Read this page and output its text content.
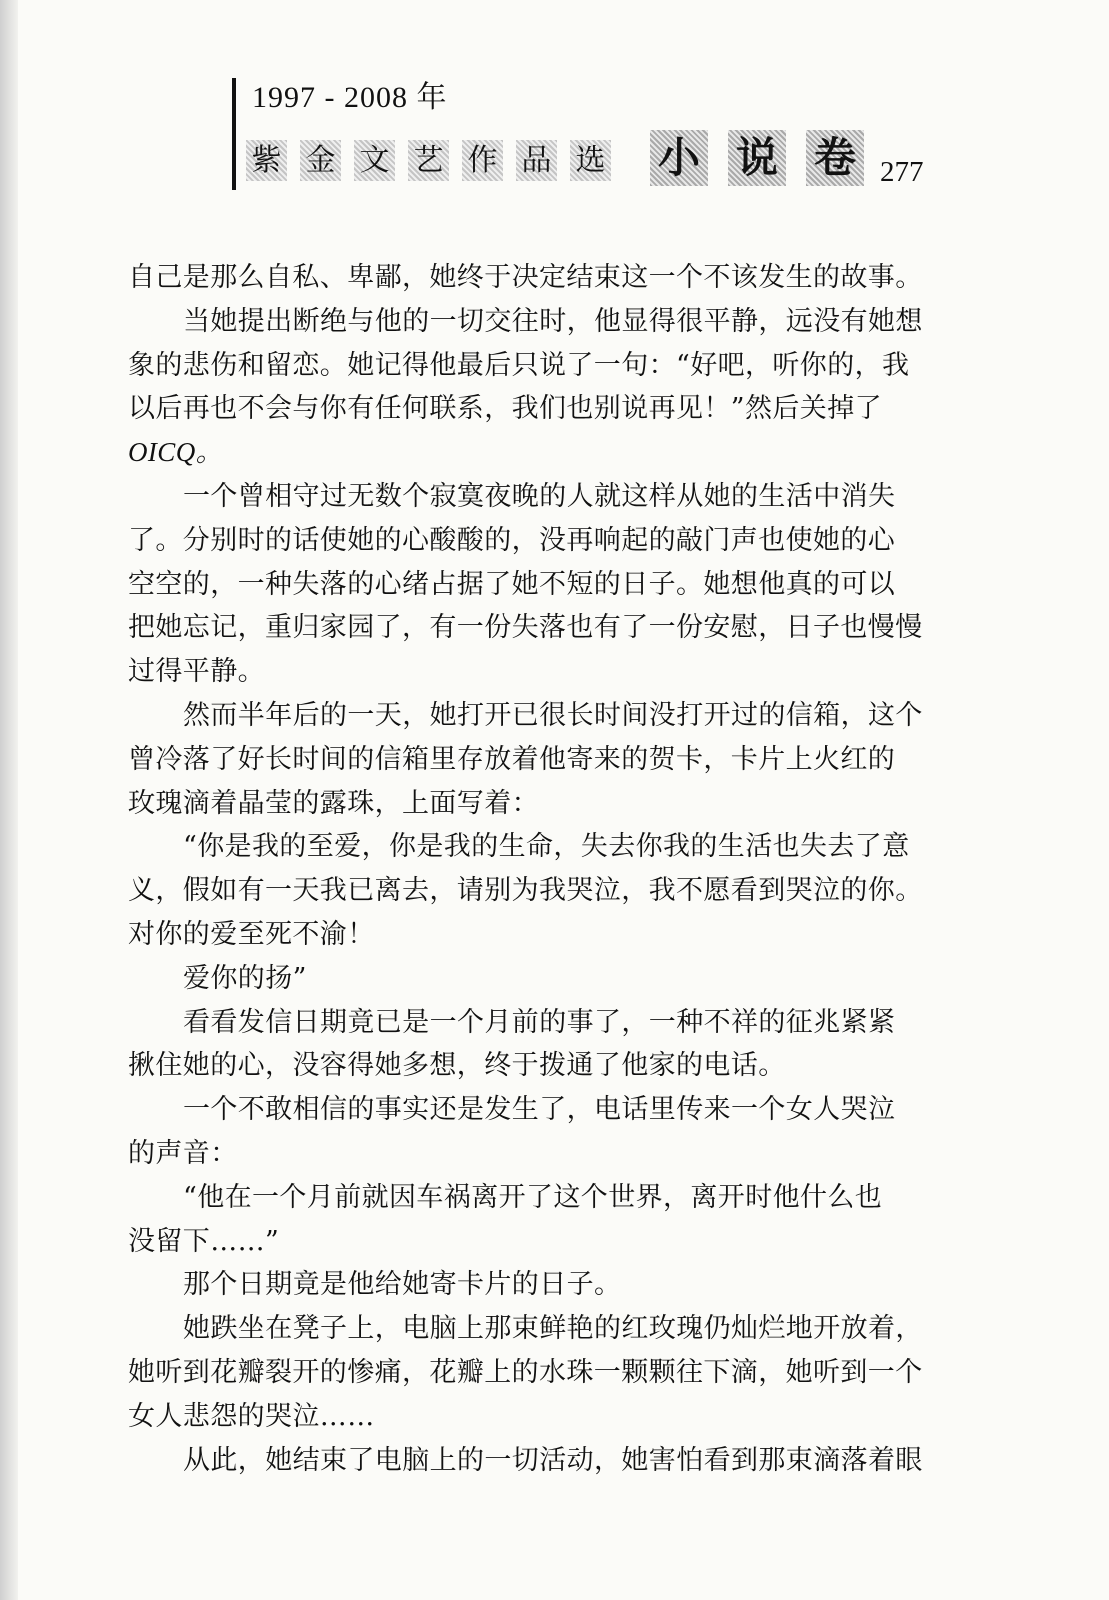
1997 - 2008 年
紫 金 文 艺 作 品 选 小 说 卷 277
自己是那么自私、卑鄙，她终于决定结束这一个不该发生的故事。
当她提出断绝与他的一切交往时，他显得很平静，远没有她想
象的悲伤和留恋。她记得他最后只说了一句：“好吧，听你的，我
以后再也不会与你有任何联系，我们也别说再见！”然后关掉了
OICQ。
一个曾相守过无数个寂寞夜晚的人就这样从她的生活中消失
了。分别时的话使她的心酸酸的，没再响起的敲门声也使她的心
空空的，一种失落的心绪占据了她不短的日子。她想他真的可以
把她忘记，重归家园了，有一份失落也有了一份安慰，日子也慢慢
过得平静。
然而半年后的一天，她打开已很长时间没打开过的信箱，这个
曾冷落了好长时间的信箱里存放着他寄来的贺卡，卡片上火红的
玫瑰滴着晶莹的露珠，上面写着：
“你是我的至爱，你是我的生命，失去你我的生活也失去了意
义，假如有一天我已离去，请别为我哭泣，我不愿看到哭泣的你。
对你的爱至死不渝！
爱你的扬”
看看发信日期竟已是一个月前的事了，一种不祥的征兆紧紧
揪住她的心，没容得她多想，终于拨通了他家的电话。
一个不敢相信的事实还是发生了，电话里传来一个女人哭泣
的声音：
“他在一个月前就因车祸离开了这个世界，离开时他什么也
没留下……”
那个日期竟是他给她寄卡片的日子。
她跌坐在凳子上，电脑上那束鲜艳的红玫瑰仍灿烂地开放着，
她听到花瓣裂开的惨痛，花瓣上的水珠一颗颗往下滴，她听到一个
女人悲怨的哭泣……
从此，她结束了电脑上的一切活动，她害怕看到那束滴落着眼
